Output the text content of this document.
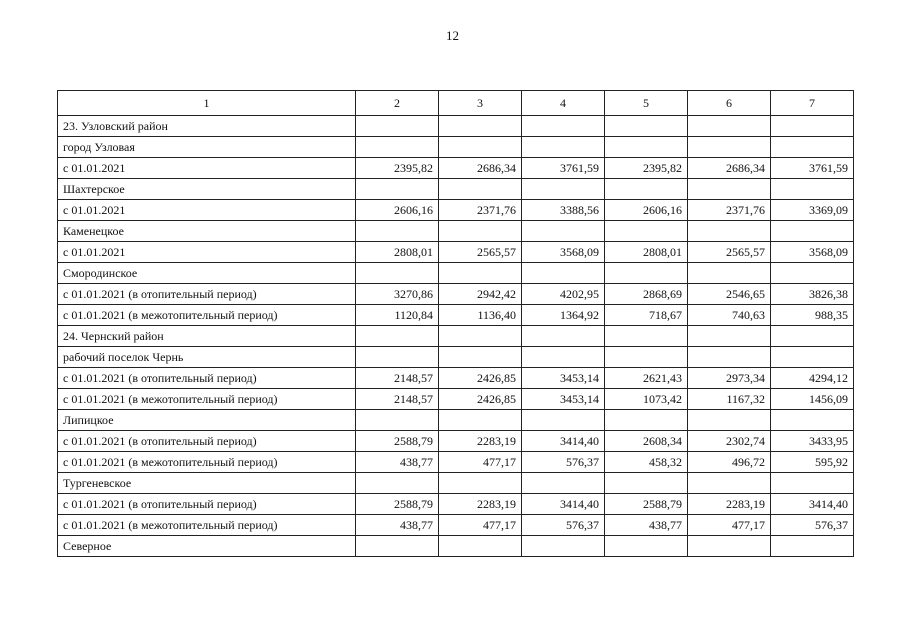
12
1	2	3	4	5	6	7
23. Узловский район						
город Узловая						
с 01.01.2021	2395,82	2686,34	3761,59	2395,82	2686,34	3761,59
Шахтерское						
с 01.01.2021	2606,16	2371,76	3388,56	2606,16	2371,76	3369,09
Каменецкое						
с 01.01.2021	2808,01	2565,57	3568,09	2808,01	2565,57	3568,09
Смородинское						
с 01.01.2021 (в отопительный период)	3270,86	2942,42	4202,95	2868,69	2546,65	3826,38
с 01.01.2021 (в межотопительный период)	1120,84	1136,40	1364,92	718,67	740,63	988,35
24. Чернский район						
рабочий поселок Чернь						
с 01.01.2021 (в отопительный период)	2148,57	2426,85	3453,14	2621,43	2973,34	4294,12
с 01.01.2021 (в межотопительный период)	2148,57	2426,85	3453,14	1073,42	1167,32	1456,09
Липицкое						
с 01.01.2021 (в отопительный период)	2588,79	2283,19	3414,40	2608,34	2302,74	3433,95
с 01.01.2021 (в межотопительный период)	438,77	477,17	576,37	458,32	496,72	595,92
Тургеневское						
с 01.01.2021 (в отопительный период)	2588,79	2283,19	3414,40	2588,79	2283,19	3414,40
с 01.01.2021 (в межотопительный период)	438,77	477,17	576,37	438,77	477,17	576,37
Северное						
